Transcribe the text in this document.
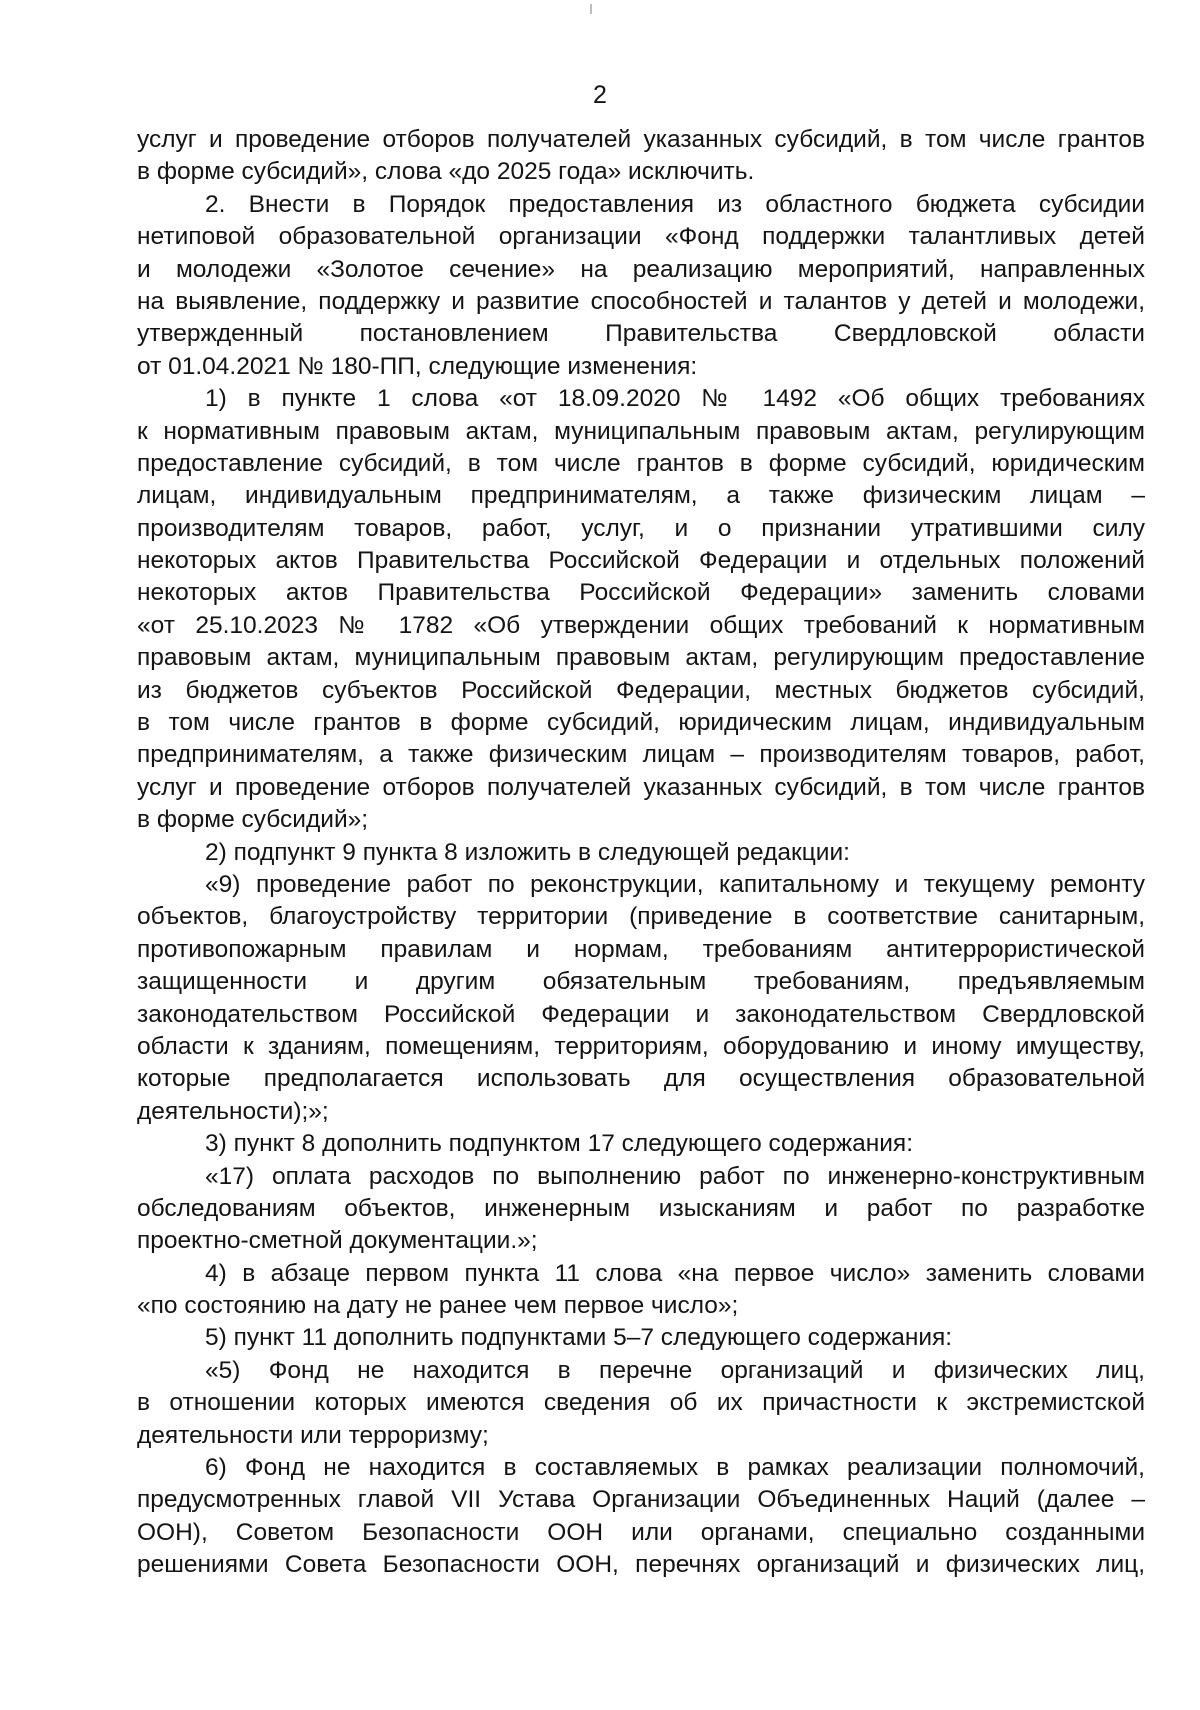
2
услуг и проведение отборов получателей указанных субсидий, в том числе грантов
в форме субсидий», слова «до 2025 года» исключить.
2. Внести в Порядок предоставления из областного бюджета субсидии
нетиповой образовательной организации «Фонд поддержки талантливых детей
и молодежи «Золотое сечение» на реализацию мероприятий, направленных
на выявление, поддержку и развитие способностей и талантов у детей и молодежи,
утвержденный постановлением Правительства Свердловской области
от 01.04.2021 № 180-ПП, следующие изменения:
1) в пункте 1 слова «от 18.09.2020 № 1492 «Об общих требованиях
к нормативным правовым актам, муниципальным правовым актам, регулирующим
предоставление субсидий, в том числе грантов в форме субсидий, юридическим
лицам, индивидуальным предпринимателям, а также физическим лицам –
производителям товаров, работ, услуг, и о признании утратившими силу
некоторых актов Правительства Российской Федерации и отдельных положений
некоторых актов Правительства Российской Федерации» заменить словами
«от 25.10.2023 № 1782 «Об утверждении общих требований к нормативным
правовым актам, муниципальным правовым актам, регулирующим предоставление
из бюджетов субъектов Российской Федерации, местных бюджетов субсидий,
в том числе грантов в форме субсидий, юридическим лицам, индивидуальным
предпринимателям, а также физическим лицам – производителям товаров, работ,
услуг и проведение отборов получателей указанных субсидий, в том числе грантов
в форме субсидий»;
2) подпункт 9 пункта 8 изложить в следующей редакции:
«9) проведение работ по реконструкции, капитальному и текущему ремонту
объектов, благоустройству территории (приведение в соответствие санитарным,
противопожарным правилам и нормам, требованиям антитеррористической
защищенности и другим обязательным требованиям, предъявляемым
законодательством Российской Федерации и законодательством Свердловской
области к зданиям, помещениям, территориям, оборудованию и иному имуществу,
которые предполагается использовать для осуществления образовательной
деятельности);»;
3) пункт 8 дополнить подпунктом 17 следующего содержания:
«17) оплата расходов по выполнению работ по инженерно-конструктивным
обследованиям объектов, инженерным изысканиям и работ по разработке
проектно-сметной документации.»;
4) в абзаце первом пункта 11 слова «на первое число» заменить словами
«по состоянию на дату не ранее чем первое число»;
5) пункт 11 дополнить подпунктами 5–7 следующего содержания:
«5) Фонд не находится в перечне организаций и физических лиц,
в отношении которых имеются сведения об их причастности к экстремистской
деятельности или терроризму;
6) Фонд не находится в составляемых в рамках реализации полномочий,
предусмотренных главой VII Устава Организации Объединенных Наций (далее –
ООН), Советом Безопасности ООН или органами, специально созданными
решениями Совета Безопасности ООН, перечнях организаций и физических лиц,
